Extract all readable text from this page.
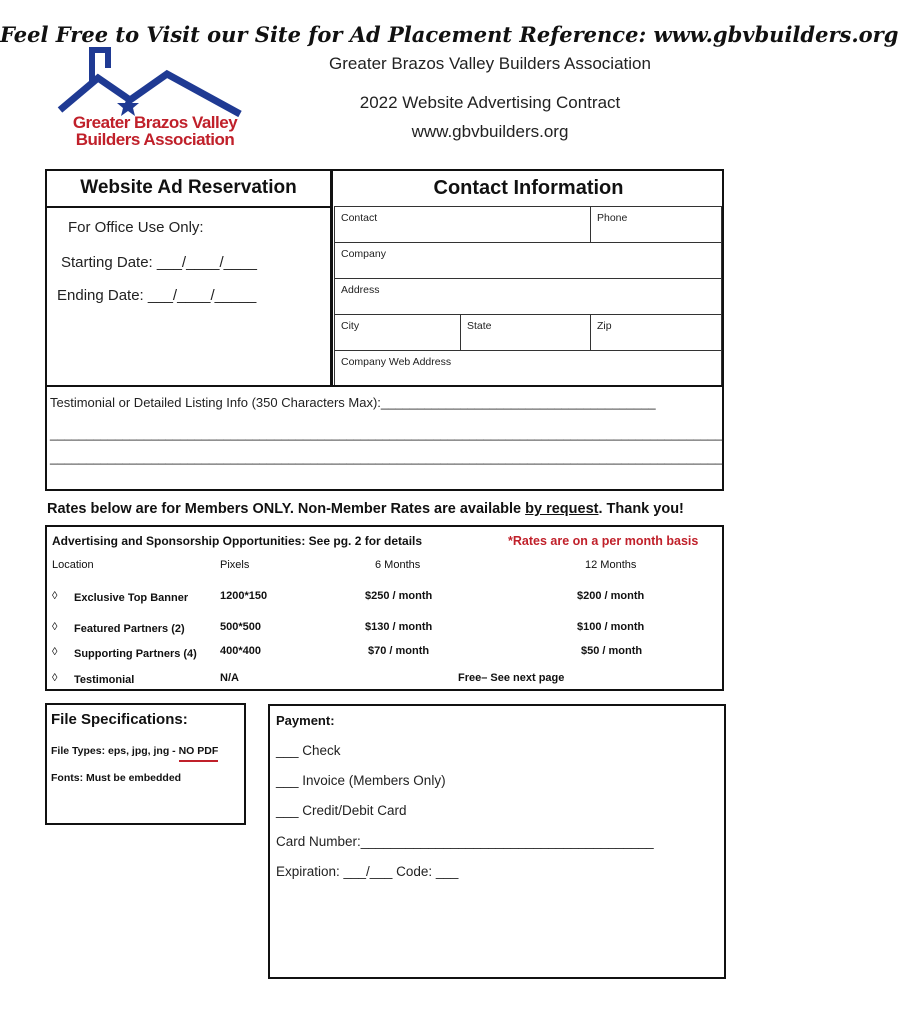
Feel Free to Visit our Site for Ad Placement Reference: www.gbvbuilders.org
Greater Brazos Valley Builders Association
2022 Website Advertising Contract
www.gbvbuilders.org
Greater Brazos Valley
Builders Association
Website Ad Reservation
For Office Use Only:
Starting Date: ___/____/____
Ending Date: ___/____/_____
Contact Information
Contact	Phone
Company
Address
City	State	Zip
Company Web Address
Testimonial or Detailed Listing Info (350 Characters Max):______________________________________
_____________________________________________________________________________________________
_____________________________________________________________________________________________
Rates below are for Members ONLY. Non-Member Rates are available by request. Thank you!
Advertising and Sponsorship Opportunities: See pg. 2 for details	*Rates are on a per month basis
Location	Pixels	6 Months	12 Months
◊ Exclusive Top Banner	1200*150	$250 / month	$200 / month
◊ Featured Partners (2)	500*500	$130 / month	$100 / month
◊ Supporting Partners (4) 400*400	$70 / month	$50 / month
◊ Testimonial	N/A	Free– See next page
File Specifications:
File Types: eps, jpg, jng - NO PDF
Fonts: Must be embedded
Payment:
___ Check
___ Invoice (Members Only)
___ Credit/Debit Card
Card Number:_______________________________________
Expiration: ___/___ Code: ___
